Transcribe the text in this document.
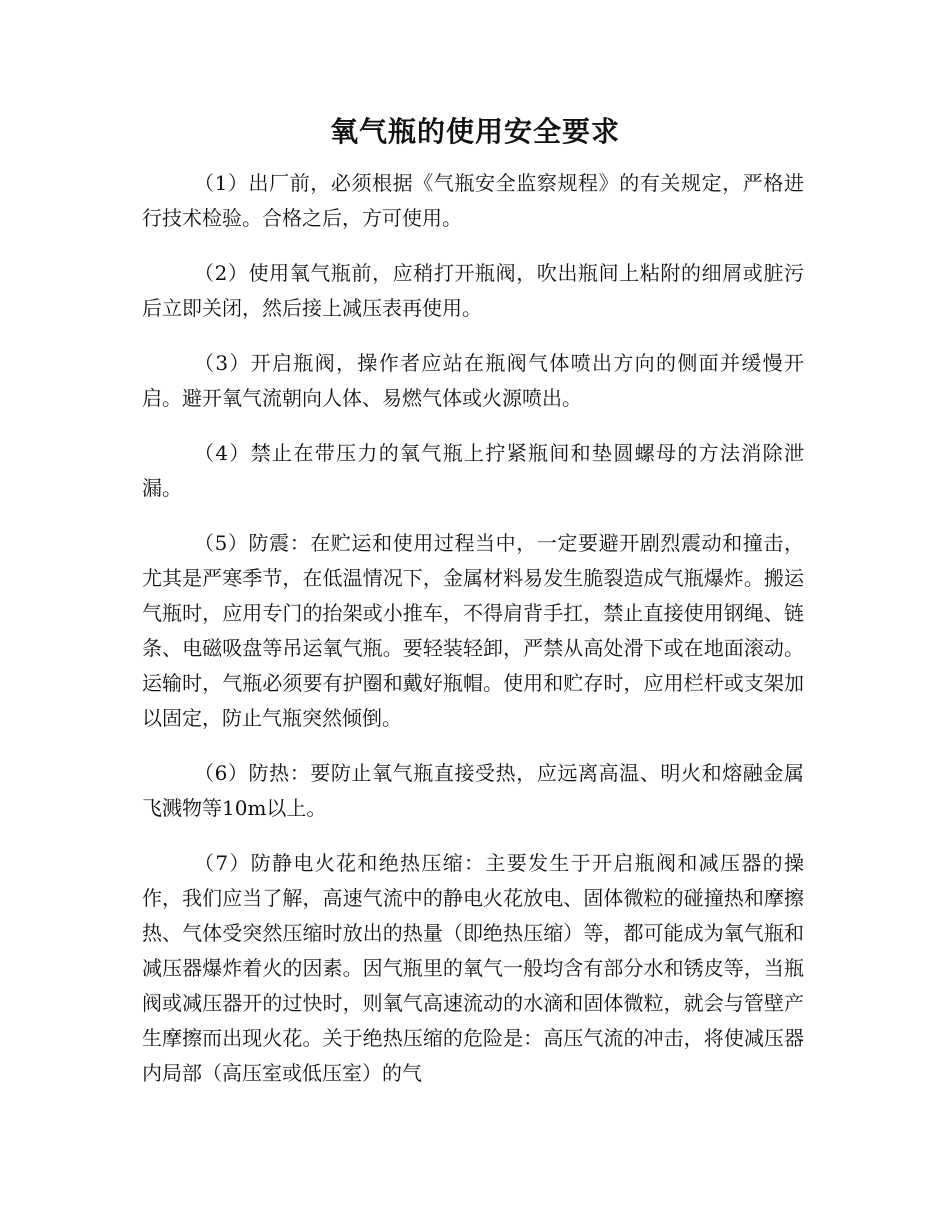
氧气瓶的使用安全要求

（1）出厂前，必须根据《气瓶安全监察规程》的有关规定，严格进行技术检验。合格之后，方可使用。

（2）使用氧气瓶前，应稍打开瓶阀，吹出瓶间上粘附的细屑或脏污后立即关闭，然后接上减压表再使用。

（3）开启瓶阀，操作者应站在瓶阀气体喷出方向的侧面并缓慢开启。避开氧气流朝向人体、易燃气体或火源喷出。

（4）禁止在带压力的氧气瓶上拧紧瓶间和垫圆螺母的方法消除泄漏。

（5）防震：在贮运和使用过程当中，一定要避开剧烈震动和撞击，尤其是严寒季节，在低温情况下，金属材料易发生脆裂造成气瓶爆炸。搬运气瓶时，应用专门的抬架或小推车，不得肩背手扛，禁止直接使用钢绳、链条、电磁吸盘等吊运氧气瓶。要轻装轻卸，严禁从高处滑下或在地面滚动。运输时，气瓶必须要有护圈和戴好瓶帽。使用和贮存时，应用栏杆或支架加以固定，防止气瓶突然倾倒。

（6）防热：要防止氧气瓶直接受热，应远离高温、明火和熔融金属飞溅物等10m以上。

（7）防静电火花和绝热压缩：主要发生于开启瓶阀和减压器的操作，我们应当了解，高速气流中的静电火花放电、固体微粒的碰撞热和摩擦热、气体受突然压缩时放出的热量（即绝热压缩）等，都可能成为氧气瓶和减压器爆炸着火的因素。因气瓶里的氧气一般均含有部分水和锈皮等，当瓶阀或减压器开的过快时，则氧气高速流动的水滴和固体微粒，就会与管壁产生摩擦而出现火花。关于绝热压缩的危险是：高压气流的冲击，将使减压器内局部（高压室或低压室）的气
